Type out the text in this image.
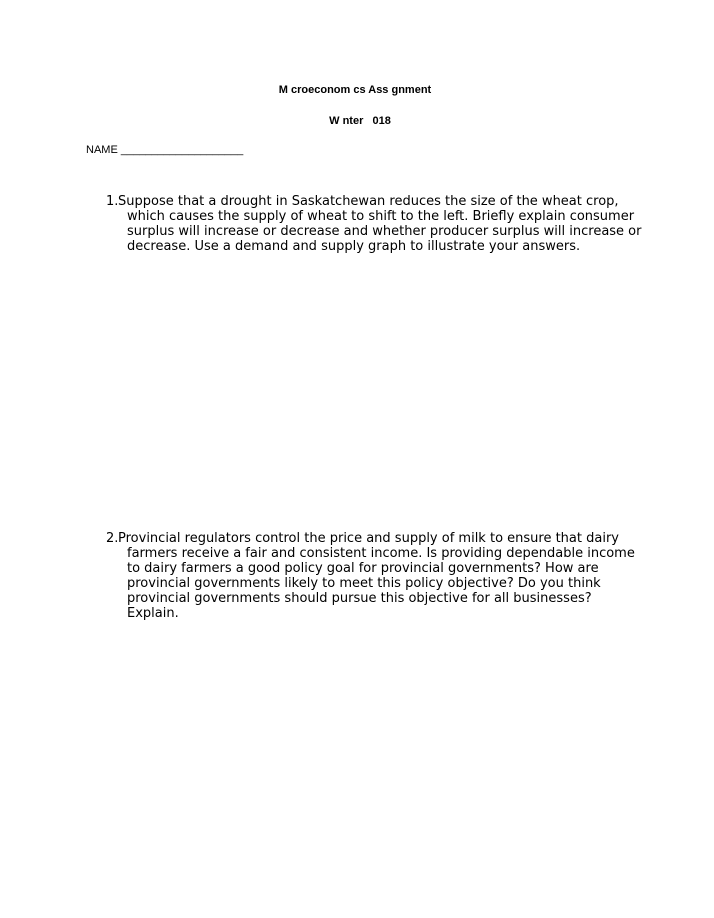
M croeconom cs Ass gnment
W nter   018
NAME ____________________
1. Suppose that a drought in Saskatchewan reduces the size of the wheat crop, which causes the supply of wheat to shift to the left. Briefly explain consumer surplus will increase or decrease and whether producer surplus will increase or decrease. Use a demand and supply graph to illustrate your answers.
2. Provincial regulators control the price and supply of milk to ensure that dairy farmers receive a fair and consistent income. Is providing dependable income to dairy farmers a good policy goal for provincial governments? How are provincial governments likely to meet this policy objective? Do you think provincial governments should pursue this objective for all businesses? Explain.
